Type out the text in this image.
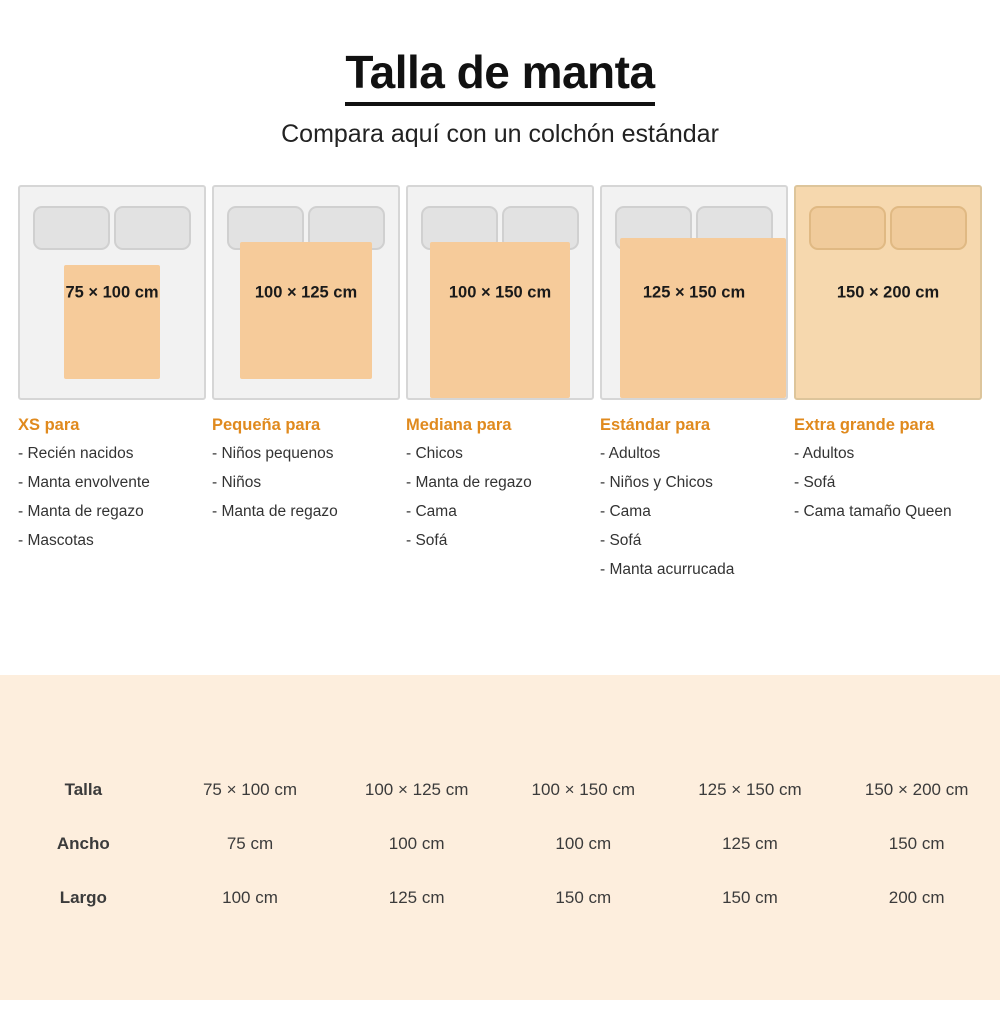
Talla de manta
Compara aquí con un colchón estándar
75 × 100 cm
XS para
- Recién nacidos
- Manta envolvente
- Manta de regazo
- Mascotas
100 × 125 cm
Pequeña para
- Niños pequenos
- Niños
- Manta de regazo
100 × 150 cm
Mediana para
- Chicos
- Manta de regazo
- Cama
- Sofá
125 × 150 cm
Estándar para
- Adultos
- Niños y Chicos
- Cama
- Sofá
- Manta acurrucada
150 × 200 cm
Extra grande para
- Adultos
- Sofá
- Cama tamaño Queen

Talla	75 × 100 cm	100 × 125 cm	100 × 150 cm	125 × 150 cm	150 × 200 cm
Ancho	75 cm	100 cm	100 cm	125 cm	150 cm
Largo	100 cm	125 cm	150 cm	150 cm	200 cm
